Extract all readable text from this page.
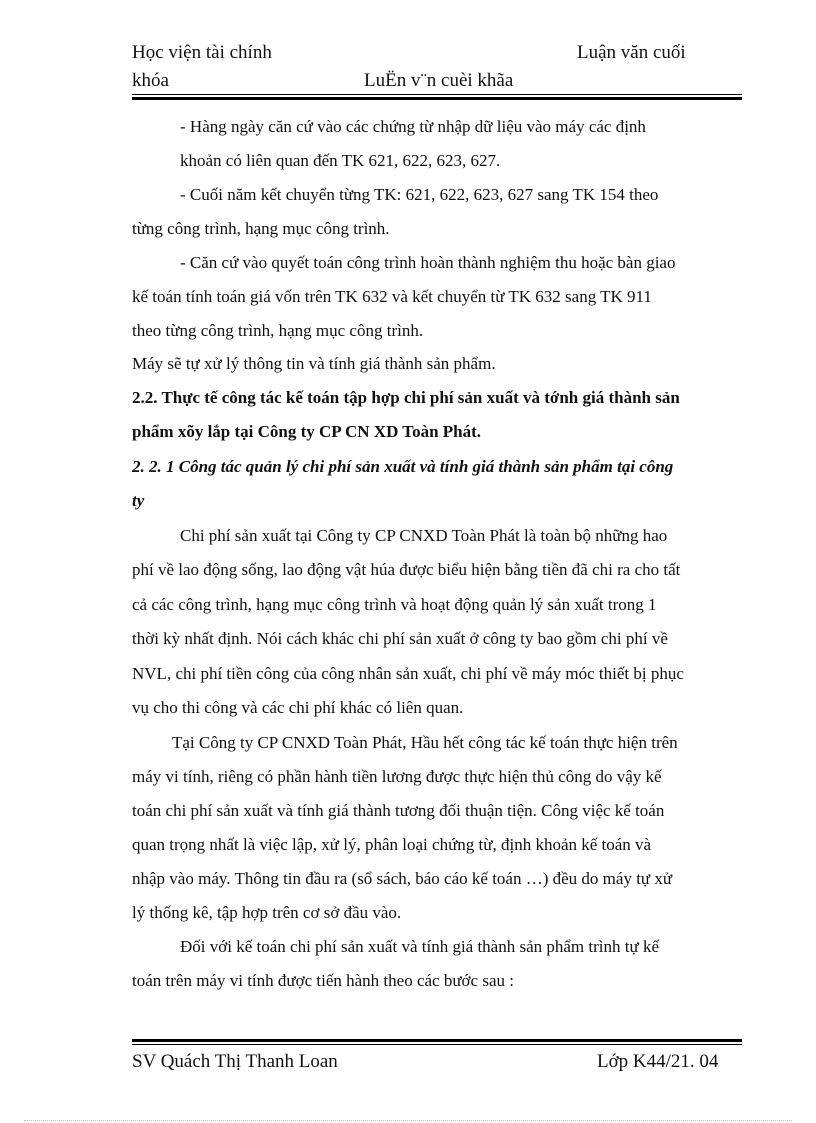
Học viện tài chính	Luận văn cuối
khóa	LuËn v¨n cuèi khãa
- Hàng ngày căn cứ vào các chứng từ nhập dữ liệu vào máy các định
khoản có liên quan đến TK 621, 622, 623, 627.
- Cuối năm kết chuyển từng TK: 621, 622, 623, 627 sang TK 154 theo
từng công trình, hạng mục công trình.
- Căn cứ vào quyết toán công trình hoàn thành nghiệm thu hoặc bàn giao
kế toán tính toán giá vốn trên TK 632 và kết chuyển từ TK 632 sang TK 911
theo từng công trình, hạng mục công trình.
Máy sẽ tự xử lý thông tin và tính giá thành sản phẩm.
2.2. Thực tế công tác kế toán tập hợp chi phí sản xuất và tớnh giá thành sản
phẩm xõy lắp tại Công ty CP CN XD Toàn Phát.
2. 2. 1 Công tác quản lý chi phí sản xuất và tính giá thành sản phẩm tại công
ty
Chi phí sản xuất tại Công ty CP CNXD Toàn Phát là toàn bộ những hao
phí về lao động sống, lao động vật húa được biểu hiện bằng tiền đã chi ra cho tất
cả các công trình, hạng mục công trình và hoạt động quản lý sản xuất trong 1
thời kỳ nhất định. Nói cách khác chi phí sản xuất ở công ty bao gồm chi phí về
NVL, chi phí tiền công của công nhân sản xuất, chi phí về máy móc thiết bị phục
vụ cho thi công và các chi phí khác có liên quan.
Tại Công ty CP CNXD Toàn Phát, Hầu hết công tác kế toán thực hiện trên
máy vi tính, riêng có phần hành tiền lương được thực hiện thủ công do vậy kế
toán chi phí sản xuất và tính giá thành tương đối thuận tiện. Công việc kế toán
quan trọng nhất là việc lập, xử lý, phân loại chứng từ, định khoản kế toán và
nhập vào máy. Thông tin đầu ra (sổ sách, báo cáo kế toán …) đều do máy tự xử
lý thống kê, tập hợp trên cơ sở đầu vào.
Đối với kế toán chi phí sản xuất và tính giá thành sản phẩm trình tự kế
toán trên máy vi tính được tiến hành theo các bước sau :
SV Quách Thị Thanh Loan	Lớp K44/21. 04
